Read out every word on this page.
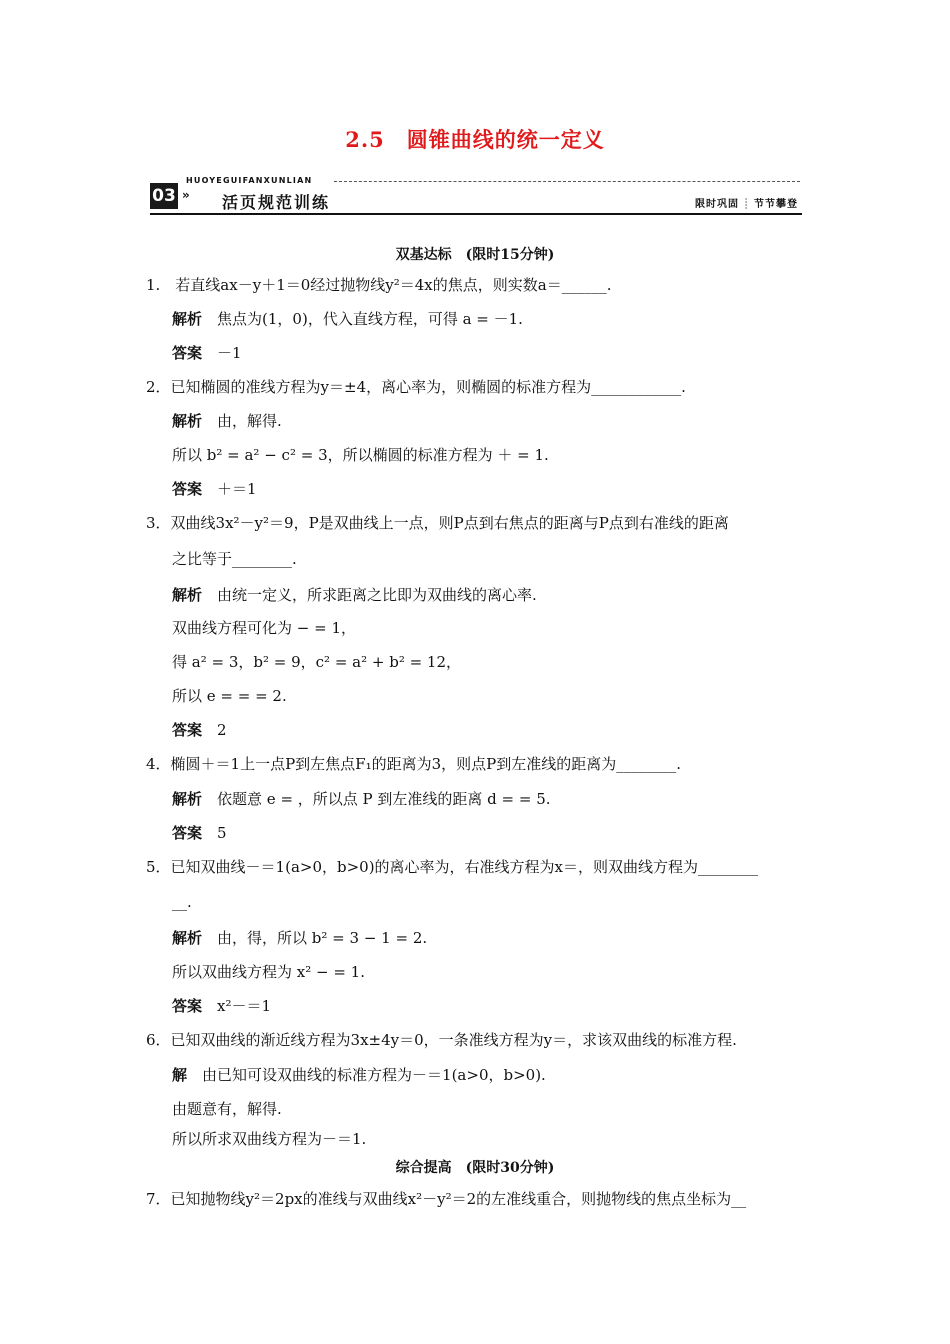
2.5 圆锥曲线的统一定义
03 »
HUOYEGUIFANXUNLIAN
活页规范训练	限时巩固 ┊ 节节攀登
双基达标　(限时15分钟)
1.　若直线ax－y＋1＝0经过抛物线y²＝4x的焦点，则实数a＝______.
解析　 焦点为(1，0)，代入直线方程，可得 a = －1.
答案　 －1
2．已知椭圆的准线方程为y＝±4，离心率为，则椭圆的标准方程为____________.
解析　 由，解得.
所以 b² = a² − c² = 3，所以椭圆的标准方程为 ＋ = 1.
答案　 ＋＝1
3．双曲线3x²－y²＝9，P是双曲线上一点，则P点到右焦点的距离与P点到右准线的距离
之比等于________.
解析　 由统一定义，所求距离之比即为双曲线的离心率.
双曲线方程可化为 − = 1，
得 a² = 3，b² = 9，c² = a² + b² = 12，
所以 e = = = 2.
答案　 2
4．椭圆＋＝1上一点P到左焦点F₁的距离为3，则点P到左准线的距离为________.
解析　 依题意 e = ，所以点 P 到左准线的距离 d = = 5.
答案　 5
5．已知双曲线－＝1(a>0，b>0)的离心率为，右准线方程为x＝，则双曲线方程为________
__.
解析　 由，得，所以 b² = 3 − 1 = 2.
所以双曲线方程为 x² − = 1.
答案　 x²－＝1
6．已知双曲线的渐近线方程为3x±4y＝0，一条准线方程为y＝，求该双曲线的标准方程.
解　 由已知可设双曲线的标准方程为－＝1(a>0，b>0).
由题意有，解得.
所以所求双曲线方程为－＝1.
综合提高　(限时30分钟)
7．已知抛物线y²＝2px的准线与双曲线x²－y²＝2的左准线重合，则抛物线的焦点坐标为__
